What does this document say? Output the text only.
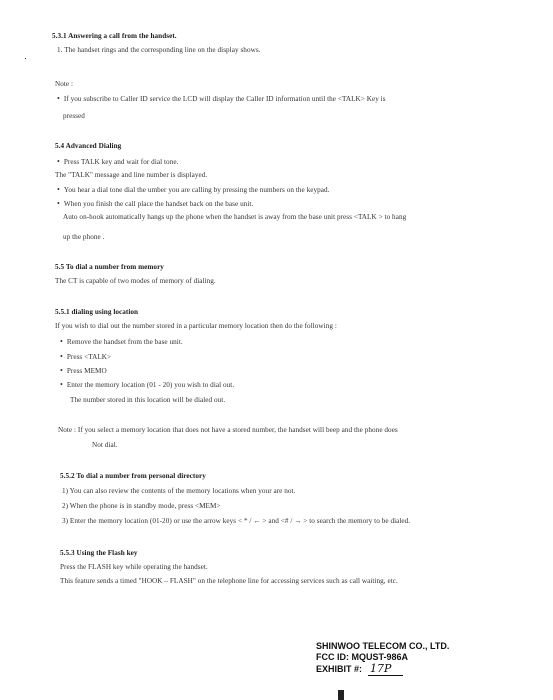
5.3.1 Answering a call from the handset.
1. The handset rings and the corresponding line on the display shows.
Note :
• If you subscribe to Caller ID service the LCD will display the Caller ID information until the <TALK> Key is
pressed
5.4 Advanced Dialing
• Press TALK key and wait for dial tone.
The "TALK" message and line number is displayed.
• You hear a dial tone dial the umber you are calling by pressing the numbers on the keypad.
• When you finish the call place the handset back on the base unit.
Auto on-hook automatically hangs up the phone when the handset is away from the base unit press <TALK > to hang
up the phone .
5.5 To dial a number from memory
The CT is capable of two modes of memory of dialing.
5.5.1 dialing using location
If you wish to dial out the number stored in a particular memory location then do the following :
• Remove the handset from the base unit.
• Press <TALK>
• Press MEMO
• Enter the memory location (01 - 20) you wish to dial out.
The number stored in this location will be dialed out.
Note : If you select a memory location that does not have a stored number, the handset will beep and the phone does
Not dial.
5.5.2 To dial a number from personal directory
1) You can also review the contents of the memory locations when your are not.
2) When the phone is in standby mode, press <MEM>
3) Enter the memory location (01-20) or use the arrow keys < * / ← > and <# / → > to search the memory to be dialed.
5.5.3 Using the Flash key
Press the FLASH key while operating the handset.
This feature sends a timed "HOOK – FLASH" on the telephone line for accessing services such as call waiting, etc.
SHINWOO TELECOM CO., LTD.
FCC ID: MQUST-986A
EXHIBIT #: 17P
